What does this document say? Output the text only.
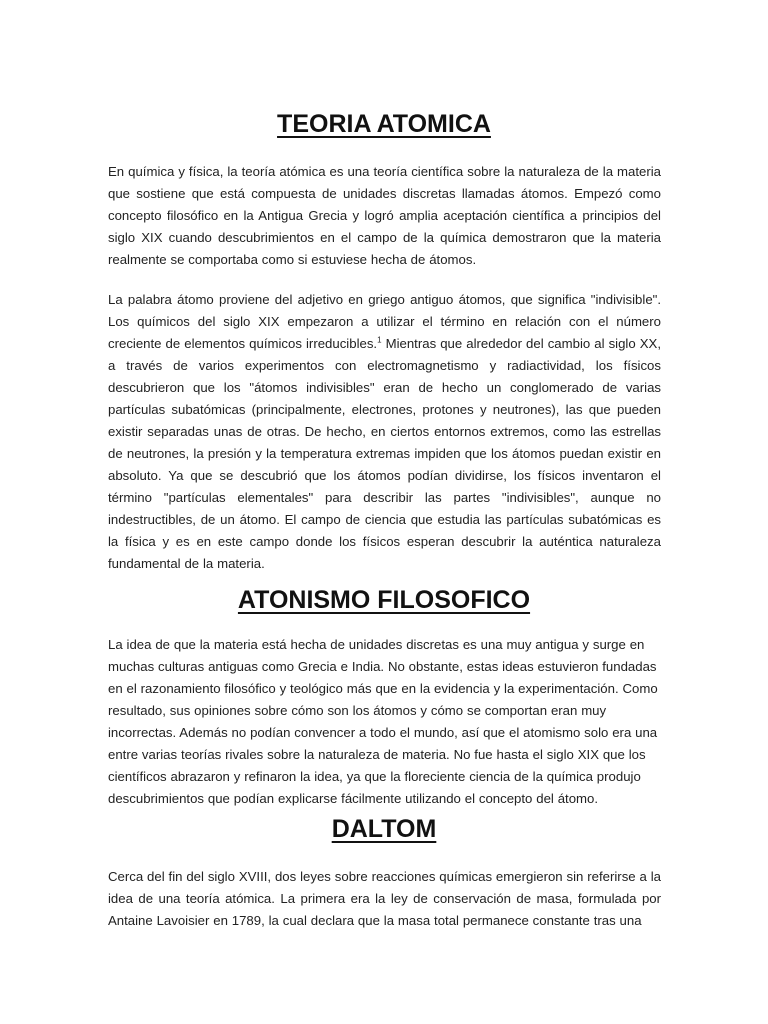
TEORIA ATOMICA

En química y física, la teoría atómica es una teoría científica sobre la naturaleza de la materia que sostiene que está compuesta de unidades discretas llamadas átomos. Empezó como concepto filosófico en la Antigua Grecia y logró amplia aceptación científica a principios del siglo XIX cuando descubrimientos en el campo de la química demostraron que la materia realmente se comportaba como si estuviese hecha de átomos.

La palabra átomo proviene del adjetivo en griego antiguo átomos, que significa "indivisible". Los químicos del siglo XIX empezaron a utilizar el término en relación con el número creciente de elementos químicos irreducibles.$^1$ Mientras que alrededor del cambio al siglo XX, a través de varios experimentos con electromagnetismo y radiactividad, los físicos descubrieron que los "átomos indivisibles" eran de hecho un conglomerado de varias partículas subatómicas (principalmente, electrones, protones y neutrones), las que pueden existir separadas unas de otras. De hecho, en ciertos entornos extremos, como las estrellas de neutrones, la presión y la temperatura extremas impiden que los átomos puedan existir en absoluto. Ya que se descubrió que los átomos podían dividirse, los físicos inventaron el término "partículas elementales" para describir las partes "indivisibles", aunque no indestructibles, de un átomo. El campo de ciencia que estudia las partículas subatómicas es la física y es en este campo donde los físicos esperan descubrir la auténtica naturaleza fundamental de la materia.

ATONISMO FILOSOFICO

La idea de que la materia está hecha de unidades discretas es una muy antigua y surge en muchas culturas antiguas como Grecia e India. No obstante, estas ideas estuvieron fundadas en el razonamiento filosófico y teológico más que en la evidencia y la experimentación. Como resultado, sus opiniones sobre cómo son los átomos y cómo se comportan eran muy incorrectas. Además no podían convencer a todo el mundo, así que el atomismo solo era una entre varias teorías rivales sobre la naturaleza de materia. No fue hasta el siglo XIX que los científicos abrazaron y refinaron la idea, ya que la floreciente ciencia de la química produjo descubrimientos que podían explicarse fácilmente utilizando el concepto del átomo.

DALTOM

Cerca del fin del siglo XVIII, dos leyes sobre reacciones químicas emergieron sin referirse a la idea de una teoría atómica. La primera era la ley de conservación de masa, formulada por Antaine Lavoisier en 1789, la cual declara que la masa total permanece constante tras una
